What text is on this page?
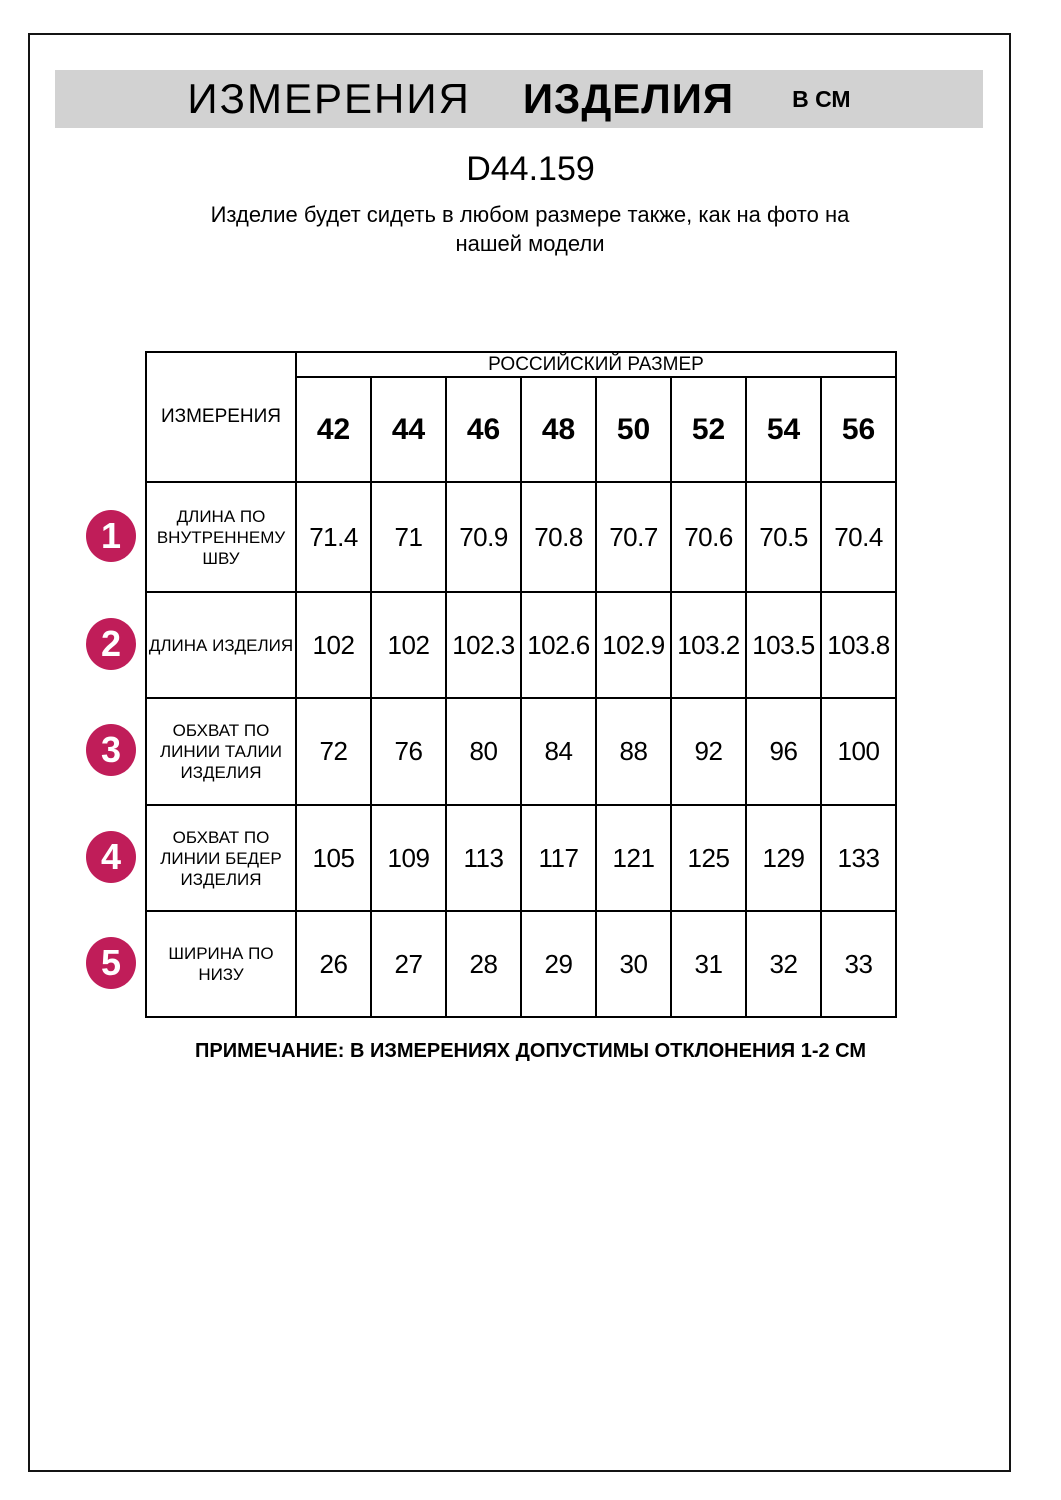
ИЗМЕРЕНИЯ ИЗДЕЛИЯ	В СМ
D44.159
Изделие будет сидеть в любом размере также, как на фото на нашей модели
ИЗМЕРЕНИЯ	РОССИЙСКИЙ РАЗМЕР							
	42	44	46	48	50	52	54	56
ДЛИНА ПО ВНУТРЕННЕМУ ШВУ	71.4	71	70.9	70.8	70.7	70.6	70.5	70.4
ДЛИНА ИЗДЕЛИЯ	102	102	102.3	102.6	102.9	103.2	103.5	103.8
ОБХВАТ ПО ЛИНИИ ТАЛИИ ИЗДЕЛИЯ	72	76	80	84	88	92	96	100
ОБХВАТ ПО ЛИНИИ БЕДЕР ИЗДЕЛИЯ	105	109	113	117	121	125	129	133
ШИРИНА ПО НИЗУ	26	27	28	29	30	31	32	33
1
2
3
4
5
ПРИМЕЧАНИЕ: В ИЗМЕРЕНИЯХ ДОПУСТИМЫ ОТКЛОНЕНИЯ 1-2 СМ
